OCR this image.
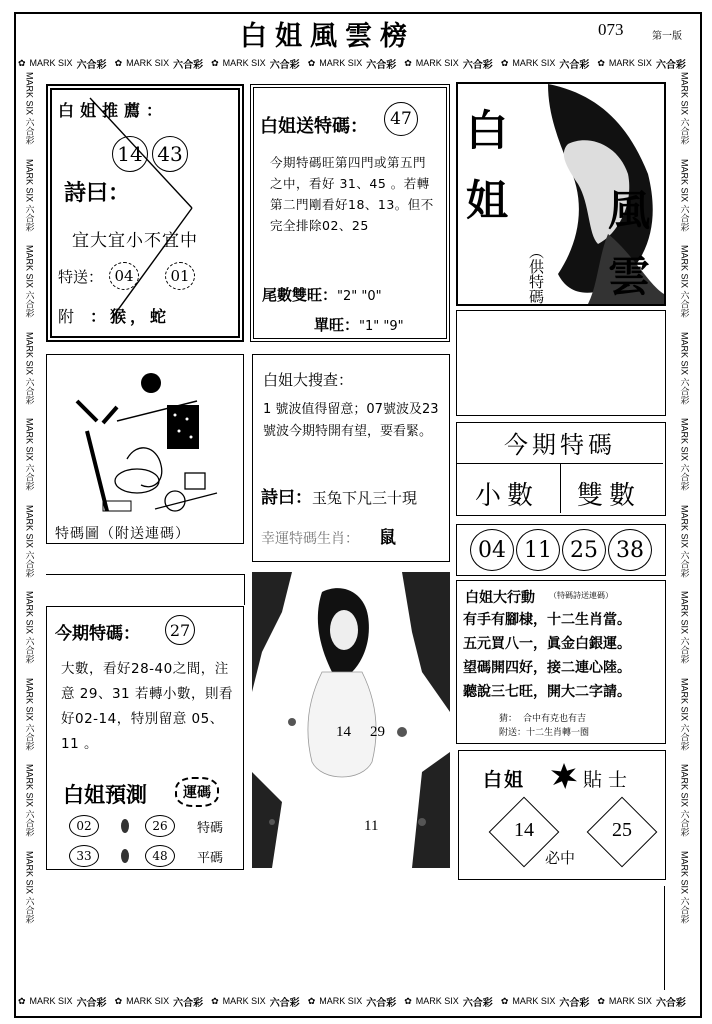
白姐風雲榜	073	第一版
✿ MARK SIX 六合彩 ✿ MARK SIX 六合彩 ✿ MARK SIX 六合彩 ✿ MARK SIX 六合彩 ✿ MARK SIX 六合彩 ✿ MARK SIX 六合彩 ✿ MARK SIX 六合彩
✿ MARK SIX 六合彩 ✿ MARK SIX 六合彩 ✿ MARK SIX 六合彩 ✿ MARK SIX 六合彩 ✿ MARK SIX 六合彩 ✿ MARK SIX 六合彩 ✿ MARK SIX 六合彩
MARK SIX 六合彩
MARK SIX 六合彩
MARK SIX 六合彩
MARK SIX 六合彩
MARK SIX 六合彩
MARK SIX 六合彩
MARK SIX 六合彩
MARK SIX 六合彩
MARK SIX 六合彩
MARK SIX 六合彩
MARK SIX 六合彩
MARK SIX 六合彩
MARK SIX 六合彩
MARK SIX 六合彩
MARK SIX 六合彩
MARK SIX 六合彩
MARK SIX 六合彩
MARK SIX 六合彩
MARK SIX 六合彩
MARK SIX 六合彩
白姐推薦：
14 43
詩曰：
宜大宜小不宜中
特送： 04	01
附 ：猴，蛇
白姐送特碼：	47
今期特碼旺第四門或第五門之中，看好 31、45 。若轉第二門剛看好18、13。但不完全排除02、25
尾數雙旺："2" "0"
單旺："1" "9"
白
姐 風
雲
（供特碼
特碼圖（附送連碼）
白姐大搜查：
1 號波值得留意；07號波及23 號波今期特開有望，要看緊。
詩曰：玉兔下凡三十現
幸運特碼生肖： 鼠
今期特碼
小數 雙數
04 11 25 38
今期特碼：	27
大數，看好28-40之間，注意 29、31 若轉小數，則看好02-14，特別留意 05、11 。
白姐預測	運碼
02	26	特碼
33	48	平碼
14 29
11
白姐大行動 （特碼詩送連碼）
有手有腳棣，十二生肖當。
五元買八一，眞金白銀運。
望碼開四好，接二連心陸。
聽說三七旺，開大二字請。
猜： 合中有克也有吉
附送：十二生肖轉一圈
白姐	貼士
14	25
必中
